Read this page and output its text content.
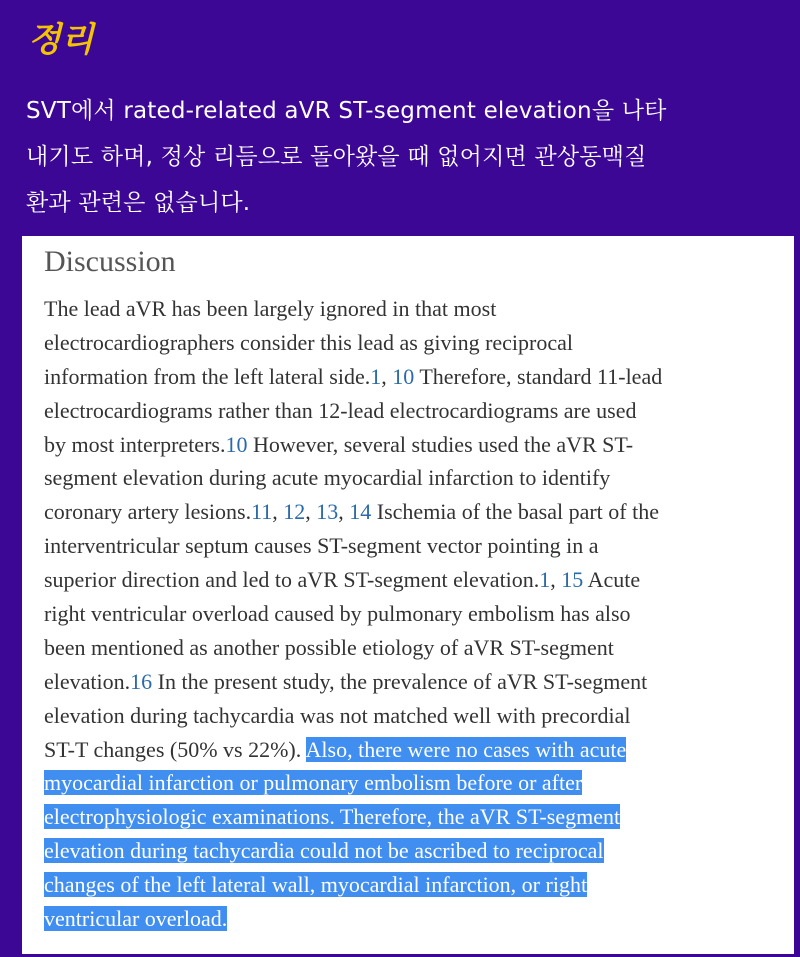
정리
SVT에서 rated-related aVR ST-segment elevation을 나타
내기도 하며, 정상 리듬으로 돌아왔을 때 없어지면 관상동맥질
환과 관련은 없습니다.
Discussion
The lead aVR has been largely ignored in that most
electrocardiographers consider this lead as giving reciprocal
information from the left lateral side.1, 10 Therefore, standard 11-lead
electrocardiograms rather than 12-lead electrocardiograms are used
by most interpreters.10 However, several studies used the aVR ST-
segment elevation during acute myocardial infarction to identify
coronary artery lesions.11, 12, 13, 14 Ischemia of the basal part of the
interventricular septum causes ST-segment vector pointing in a
superior direction and led to aVR ST-segment elevation.1, 15 Acute
right ventricular overload caused by pulmonary embolism has also
been mentioned as another possible etiology of aVR ST-segment
elevation.16 In the present study, the prevalence of aVR ST-segment
elevation during tachycardia was not matched well with precordial
ST-T changes (50% vs 22%). Also, there were no cases with acute
myocardial infarction or pulmonary embolism before or after
electrophysiologic examinations. Therefore, the aVR ST-segment
elevation during tachycardia could not be ascribed to reciprocal
changes of the left lateral wall, myocardial infarction, or right
ventricular overload.
